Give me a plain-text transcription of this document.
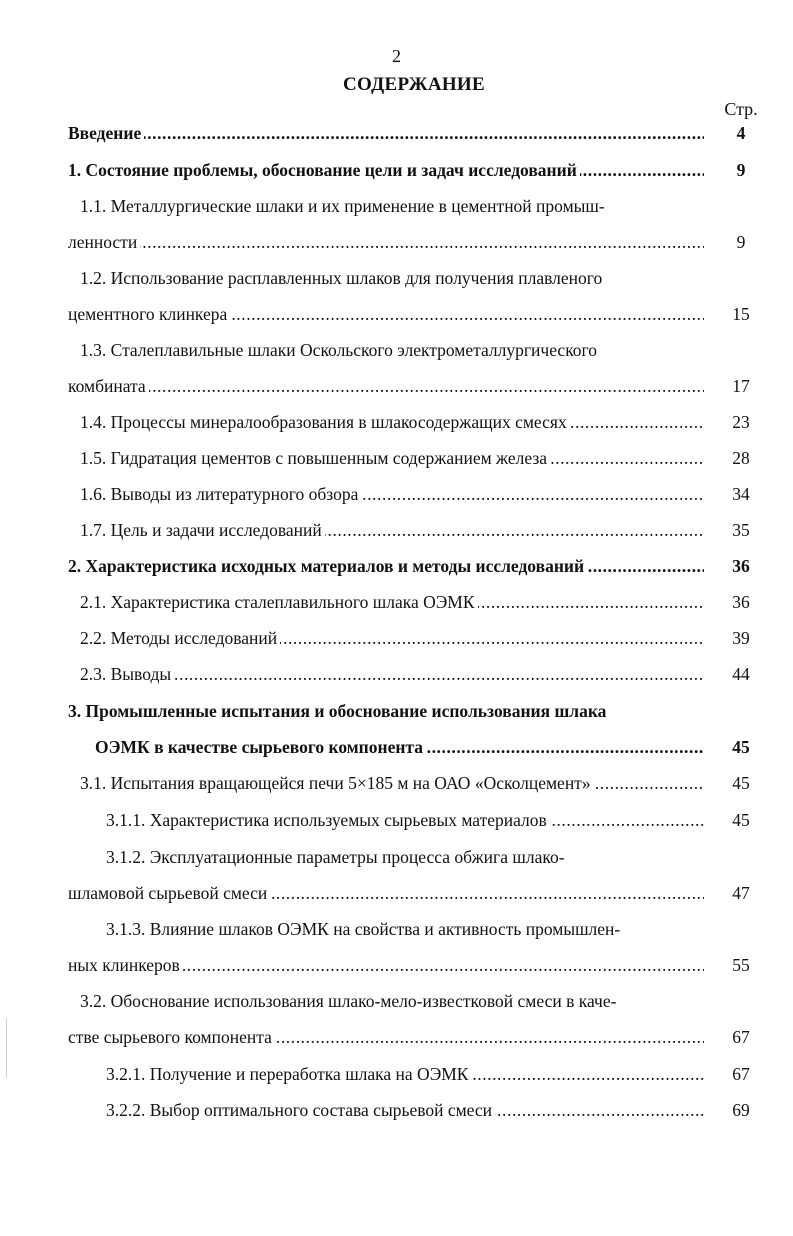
2
СОДЕРЖАНИЕ
Стр.
Введение . . .	4
1. Состояние проблемы, обоснование цели и задач исследований . . .	9
1.1. Металлургические шлаки и их применение в цементной промыш-
ленности . . .	9
1.2. Использование расплавленных шлаков для получения плавленого
цементного клинкера . . .	15
1.3. Сталеплавильные шлаки Оскольского электрометаллургического
комбината . . .	17
1.4. Процессы минералообразования в шлакосодержащих смесях . . .	23
1.5. Гидратация цементов с повышенным содержанием железа . . .	28
1.6. Выводы из литературного обзора . . .	34
1.7. Цель и задачи исследований . . .	35
2. Характеристика исходных материалов и методы исследований . . .	36
2.1. Характеристика сталеплавильного шлака ОЭМК . . .	36
2.2. Методы исследований . . .	39
2.3. Выводы . . .	44
3. Промышленные испытания и обоснование использования шлака
ОЭМК в качестве сырьевого компонента . . .	45
3.1. Испытания вращающейся печи 5×185 м на ОАО «Осколцемент» . . .	45
3.1.1. Характеристика используемых сырьевых материалов . . .	45
3.1.2. Эксплуатационные параметры процесса обжига шлако-
шламовой сырьевой смеси . . .	47
3.1.3. Влияние шлаков ОЭМК на свойства и активность промышлен-
ных клинкеров . . .	55
3.2. Обоснование использования шлако-мело-известковой смеси в каче-
стве сырьевого компонента . . .	67
3.2.1. Получение и переработка шлака на ОЭМК . . .	67
3.2.2. Выбор оптимального состава сырьевой смеси . . .	69
